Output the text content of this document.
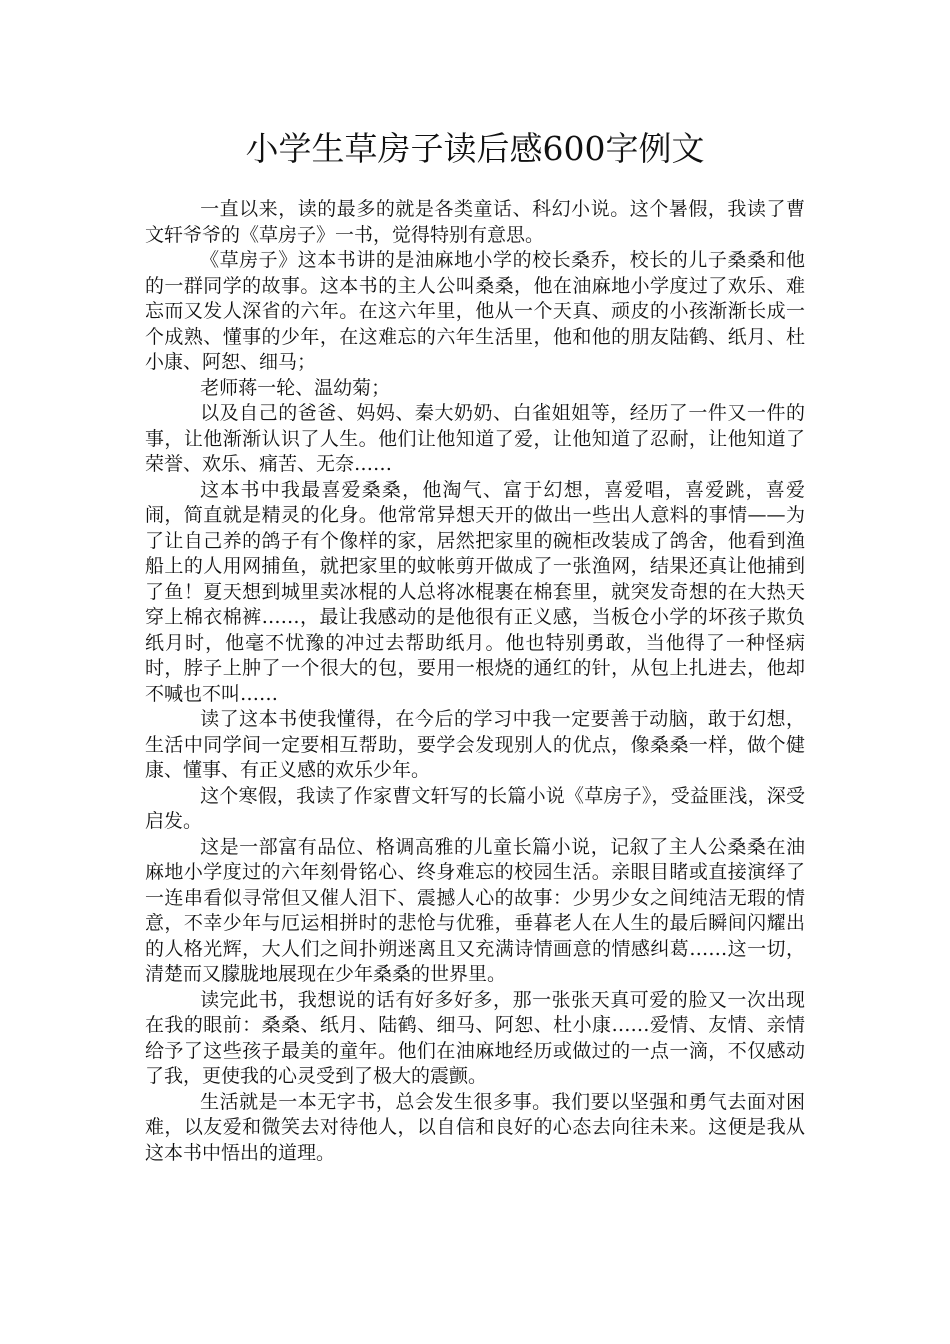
小学生草房子读后感600字例文

一直以来，读的最多的就是各类童话、科幻小说。这个暑假，我读了曹文轩爷爷的《草房子》一书，觉得特别有意思。

《草房子》这本书讲的是油麻地小学的校长桑乔，校长的儿子桑桑和他的一群同学的故事。这本书的主人公叫桑桑，他在油麻地小学度过了欢乐、难忘而又发人深省的六年。在这六年里，他从一个天真、顽皮的小孩渐渐长成一个成熟、懂事的少年，在这难忘的六年生活里，他和他的朋友陆鹤、纸月、杜小康、阿恕、细马；

老师蒋一轮、温幼菊；

以及自己的爸爸、妈妈、秦大奶奶、白雀姐姐等，经历了一件又一件的事，让他渐渐认识了人生。他们让他知道了爱，让他知道了忍耐，让他知道了荣誉、欢乐、痛苦、无奈……

这本书中我最喜爱桑桑，他淘气、富于幻想，喜爱唱，喜爱跳，喜爱闹，简直就是精灵的化身。他常常异想天开的做出一些出人意料的事情——为了让自己养的鸽子有个像样的家，居然把家里的碗柜改装成了鸽舍，他看到渔船上的人用网捕鱼，就把家里的蚊帐剪开做成了一张渔网，结果还真让他捕到了鱼！夏天想到城里卖冰棍的人总将冰棍裹在棉套里，就突发奇想的在大热天穿上棉衣棉裤……，最让我感动的是他很有正义感，当板仓小学的坏孩子欺负纸月时，他毫不忧豫的冲过去帮助纸月。他也特别勇敢，当他得了一种怪病时，脖子上肿了一个很大的包，要用一根烧的通红的针，从包上扎进去，他却不喊也不叫……

读了这本书使我懂得，在今后的学习中我一定要善于动脑，敢于幻想，生活中同学间一定要相互帮助，要学会发现别人的优点，像桑桑一样，做个健康、懂事、有正义感的欢乐少年。

这个寒假，我读了作家曹文轩写的长篇小说《草房子》，受益匪浅，深受启发。

这是一部富有品位、格调高雅的儿童长篇小说，记叙了主人公桑桑在油麻地小学度过的六年刻骨铭心、终身难忘的校园生活。亲眼目睹或直接演绎了一连串看似寻常但又催人泪下、震撼人心的故事：少男少女之间纯洁无瑕的情意，不幸少年与厄运相拼时的悲怆与优雅，垂暮老人在人生的最后瞬间闪耀出的人格光辉，大人们之间扑朔迷离且又充满诗情画意的情感纠葛……这一切，清楚而又朦胧地展现在少年桑桑的世界里。

读完此书，我想说的话有好多好多，那一张张天真可爱的脸又一次出现在我的眼前：桑桑、纸月、陆鹤、细马、阿恕、杜小康……爱情、友情、亲情给予了这些孩子最美的童年。他们在油麻地经历或做过的一点一滴，不仅感动了我，更使我的心灵受到了极大的震颤。

生活就是一本无字书，总会发生很多事。我们要以坚强和勇气去面对困难，以友爱和微笑去对待他人，以自信和良好的心态去向往未来。这便是我从这本书中悟出的道理。
